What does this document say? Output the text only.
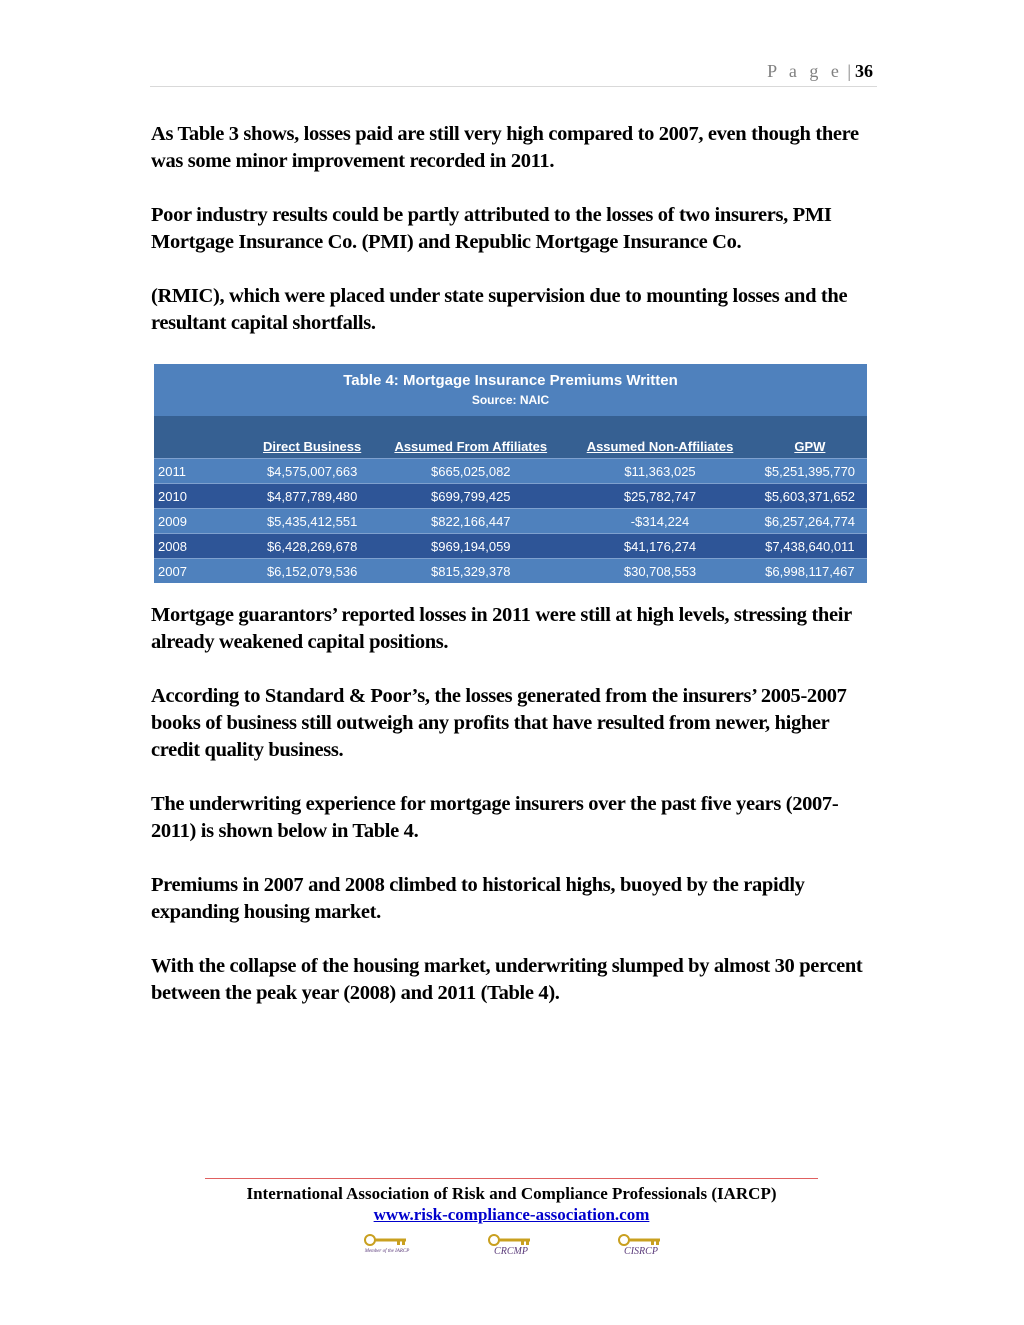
P a g e | 36

As Table 3 shows, losses paid are still very high compared to 2007, even though there was some minor improvement recorded in 2011.

Poor industry results could be partly attributed to the losses of two insurers, PMI Mortgage Insurance Co. (PMI) and Republic Mortgage Insurance Co.

(RMIC), which were placed under state supervision due to mounting losses and the resultant capital shortfalls.

Table 4: Mortgage Insurance Premiums Written
Source: NAIC
	Direct Business	Assumed From Affiliates	Assumed Non-Affiliates	GPW
2011	$4,575,007,663	$665,025,082	$11,363,025	$5,251,395,770
2010	$4,877,789,480	$699,799,425	$25,782,747	$5,603,371,652
2009	$5,435,412,551	$822,166,447	-$314,224	$6,257,264,774
2008	$6,428,269,678	$969,194,059	$41,176,274	$7,438,640,011
2007	$6,152,079,536	$815,329,378	$30,708,553	$6,998,117,467

Mortgage guarantors’ reported losses in 2011 were still at high levels, stressing their already weakened capital positions.

According to Standard & Poor’s, the losses generated from the insurers’ 2005-2007 books of business still outweigh any profits that have resulted from newer, higher credit quality business.

The underwriting experience for mortgage insurers over the past five years (2007-2011) is shown below in Table 4.

Premiums in 2007 and 2008 climbed to historical highs, buoyed by the rapidly expanding housing market.

With the collapse of the housing market, underwriting slumped by almost 30 percent between the peak year (2008) and 2011 (Table 4).

International Association of Risk and Compliance Professionals (IARCP)
www.risk-compliance-association.com
Member of the IARCP	CRCMP	CISRCP
